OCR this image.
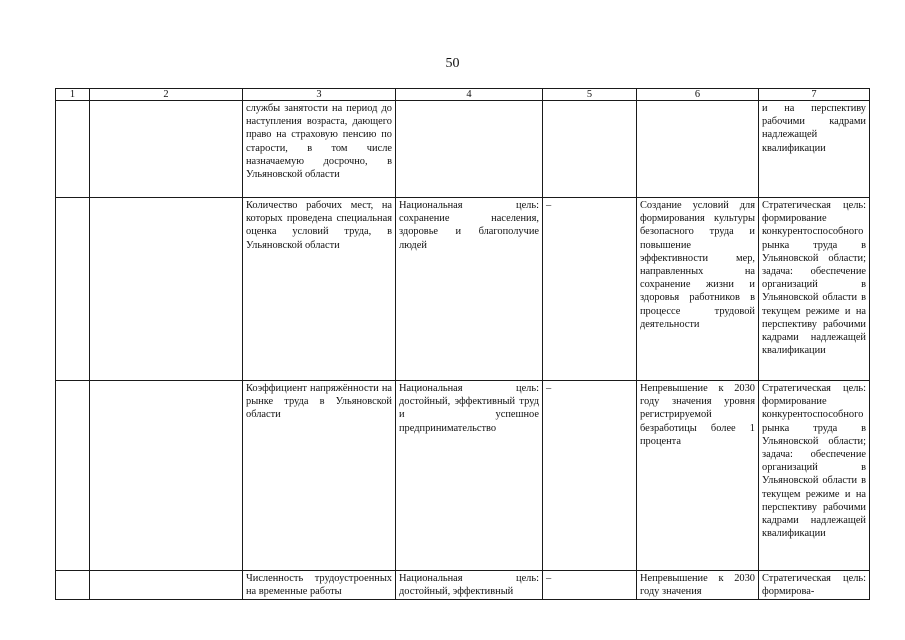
50
1	2	3	4	5	6	7
		службы занятости на период до наступления возраста, дающего право на страховую пенсию по старости, в том числе назначаемую досрочно, в Ульяновской области				и на перспективу рабочими кадрами надлежащей квалификации
		Количество рабочих мест, на которых проведена специальная оценка условий труда, в Ульяновской области	Национальная цель: сохранение населения, здоровье и благополучие людей	–	Создание условий для формирования культуры безопасного труда и повышение эффективности мер, направленных на сохранение жизни и здоровья работников в процессе трудовой деятельности	Стратегическая цель: формирование конкурентоспособного рынка труда в Ульяновской области; задача: обеспечение организаций в Ульяновской области в текущем режиме и на перспективу рабочими кадрами надлежащей квалификации
		Коэффициент напряжённости на рынке труда в Ульяновской области	Национальная цель: достойный, эффективный труд и успешное предпринимательство	–	Непревышение к 2030 году значения уровня регистрируемой безработицы более 1 процента	Стратегическая цель: формирование конкурентоспособного рынка труда в Ульяновской области; задача: обеспечение организаций в Ульяновской области в текущем режиме и на перспективу рабочими кадрами надлежащей квалификации
		Численность трудоустроенных на временные работы	Национальная цель: достойный, эффективный	–	Непревышение к 2030 году значения	Стратегическая цель: формирова-
